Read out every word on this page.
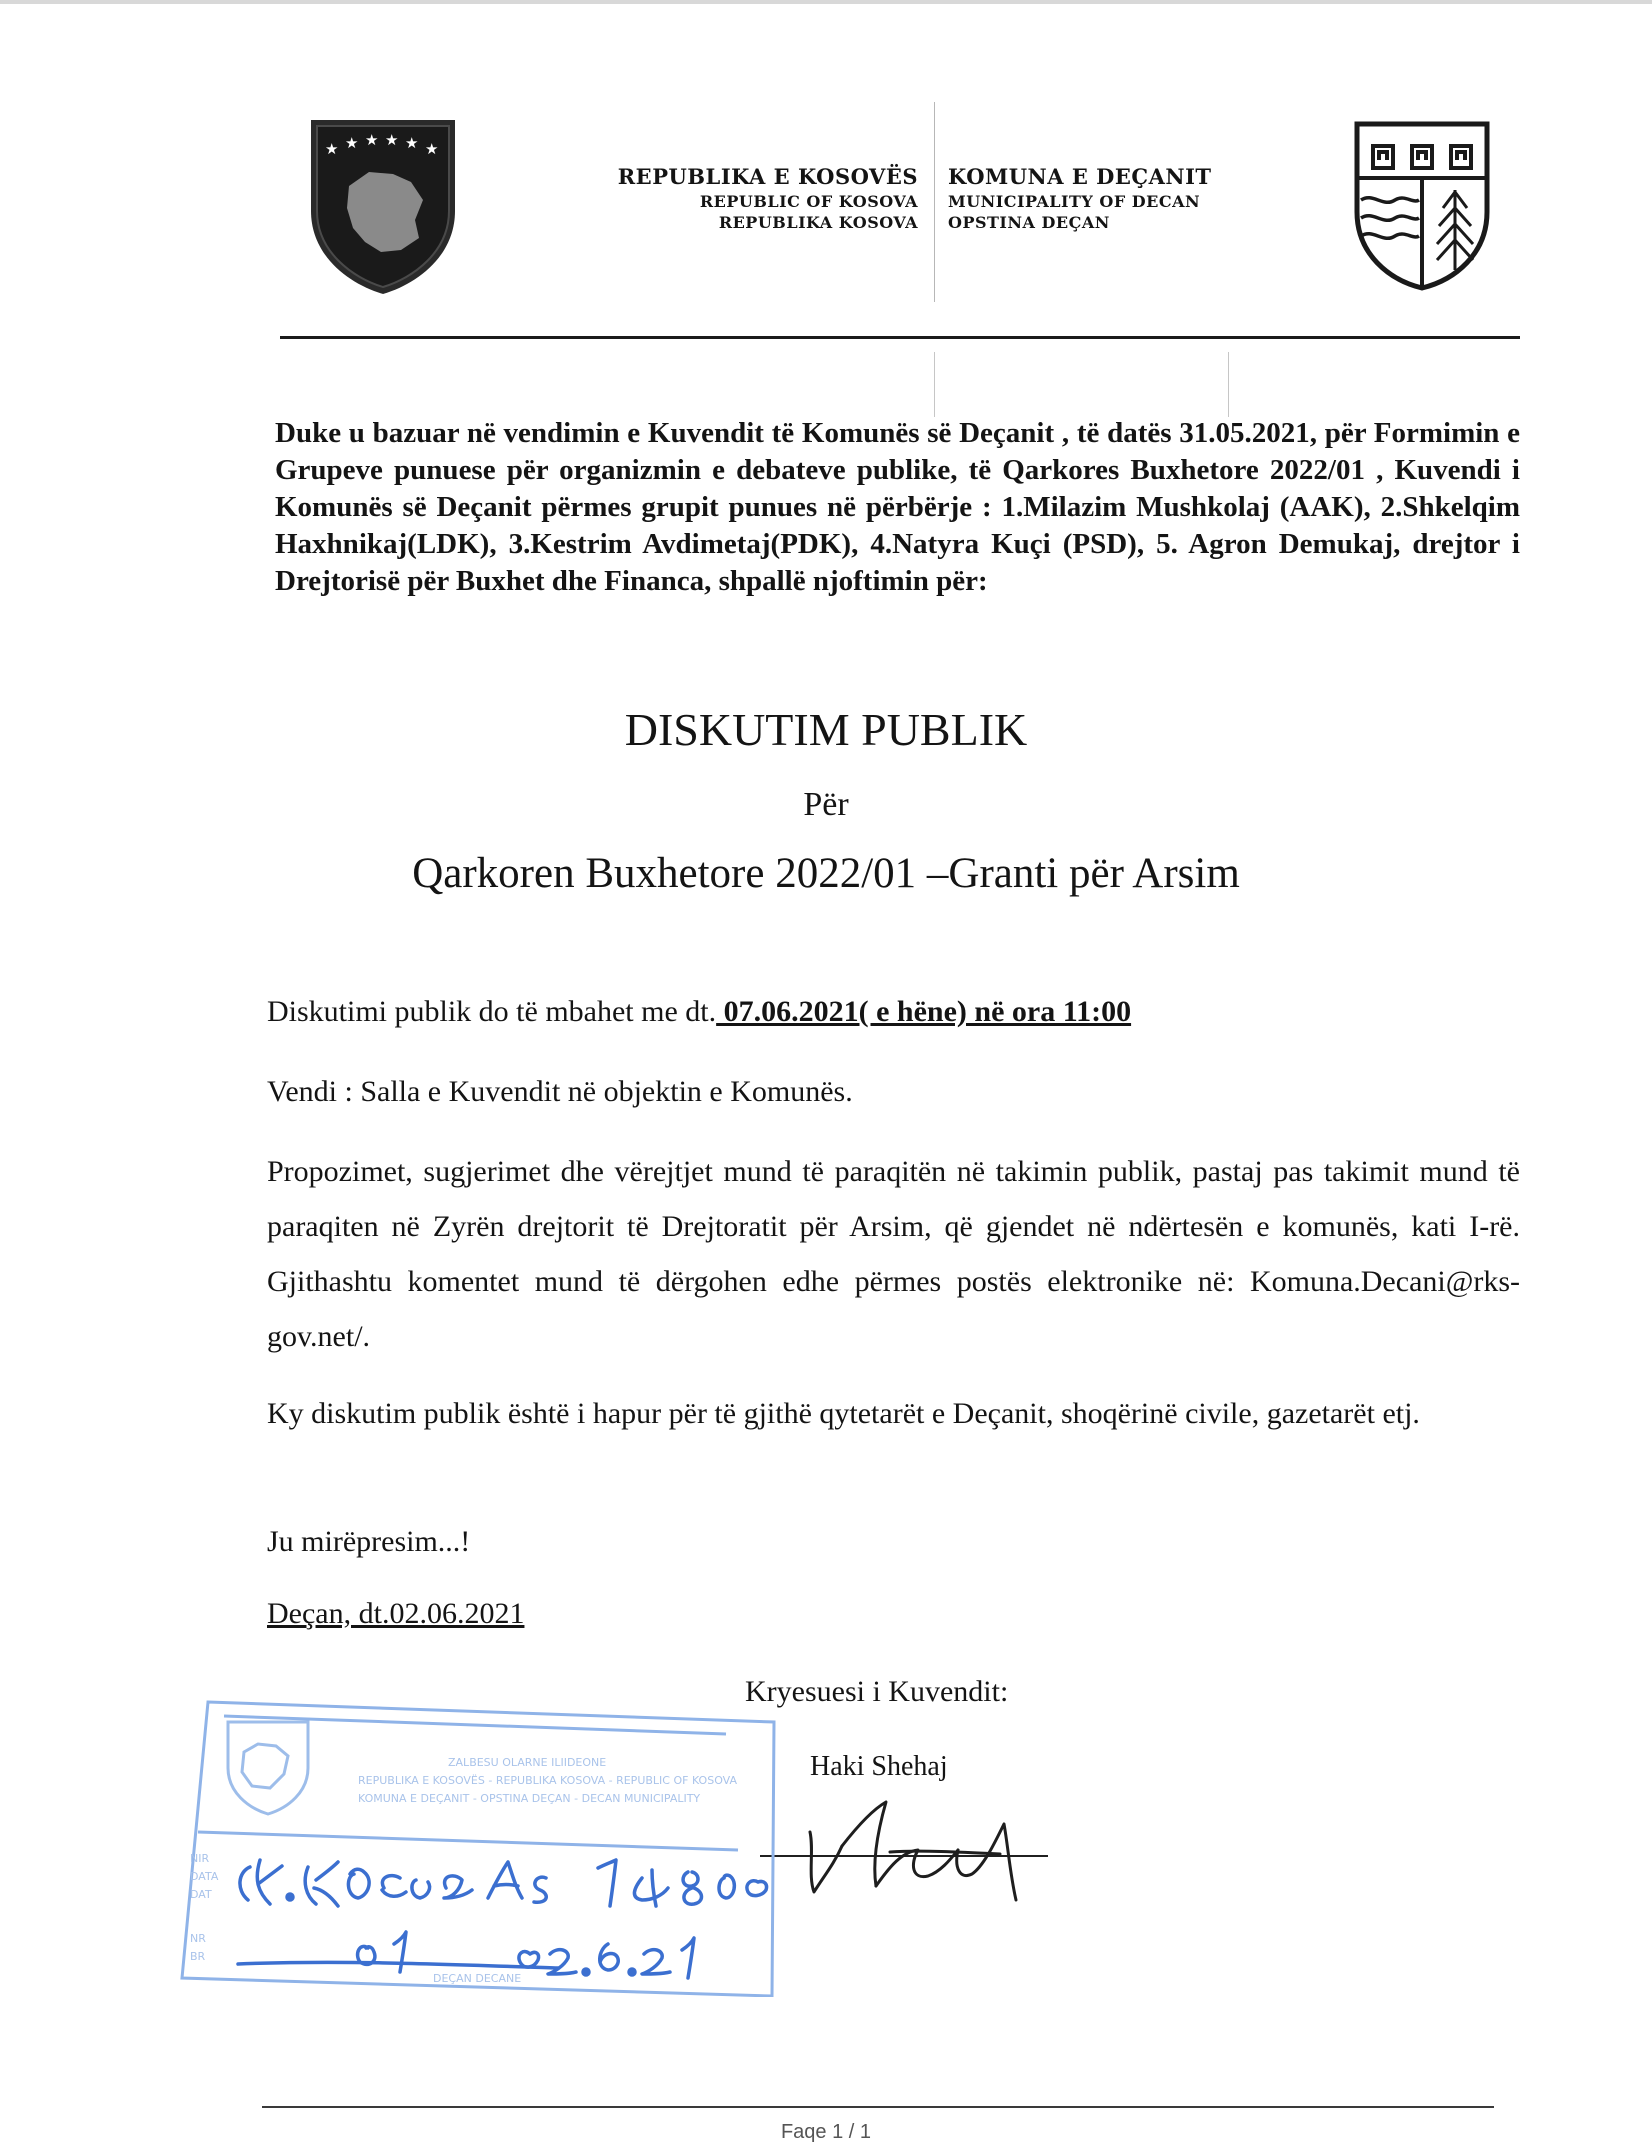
★ ★ ★ ★ ★ ★
REPUBLIKA E KOSOVËS
REPUBLIC OF KOSOVA
REPUBLIKA KOSOVA
KOMUNA E DEÇANIT
MUNICIPALITY OF DECAN
OPSTINA DEÇAN
Duke u bazuar në vendimin e Kuvendit të Komunës së Deçanit , të datës 31.05.2021, për Formimin e Grupeve punuese për organizmin e debateve publike, të Qarkores Buxhetore 2022/01 , Kuvendi i Komunës së Deçanit përmes grupit punues në përbërje : 1.Milazim Mushkolaj (AAK), 2.Shkelqim Haxhnikaj(LDK), 3.Kestrim Avdimetaj(PDK), 4.Natyra Kuçi (PSD), 5. Agron Demukaj, drejtor i Drejtorisë për Buxhet dhe Financa, shpallë njoftimin për:
DISKUTIM PUBLIK
Për
Qarkoren Buxhetore 2022/01 –Granti për Arsim
Diskutimi publik do të mbahet me dt. 07.06.2021( e hëne) në ora 11:00
Vendi : Salla e Kuvendit në objektin e Komunës.
Propozimet, sugjerimet dhe vërejtjet mund të paraqitën në takimin publik, pastaj pas takimit mund të paraqiten në Zyrën drejtorit të Drejtoratit për Arsim, që gjendet në ndërtesën e komunës, kati I-rë. Gjithashtu komentet mund të dërgohen edhe përmes postës elektronike në: Komuna.Decani@rks-gov.net/.
Ky diskutim publik është i hapur për të gjithë qytetarët e Deçanit, shoqërinë civile, gazetarët etj.
Ju mirëpresim...!
Deçan, dt.02.06.2021
Kryesuesi i Kuvendit:
Haki Shehaj
ZALBESU OLARNE ILIIDEONE
REPUBLIKA E KOSOVËS - REPUBLIKA KOSOVA - REPUBLIC OF KOSOVA
KOMUNA E DEÇANIT - OPSTINA DEÇAN - DECAN MUNICIPALITY
NIR
DATA
DAT
NR
BR
DEÇAN DECANE
Faqe 1 / 1
